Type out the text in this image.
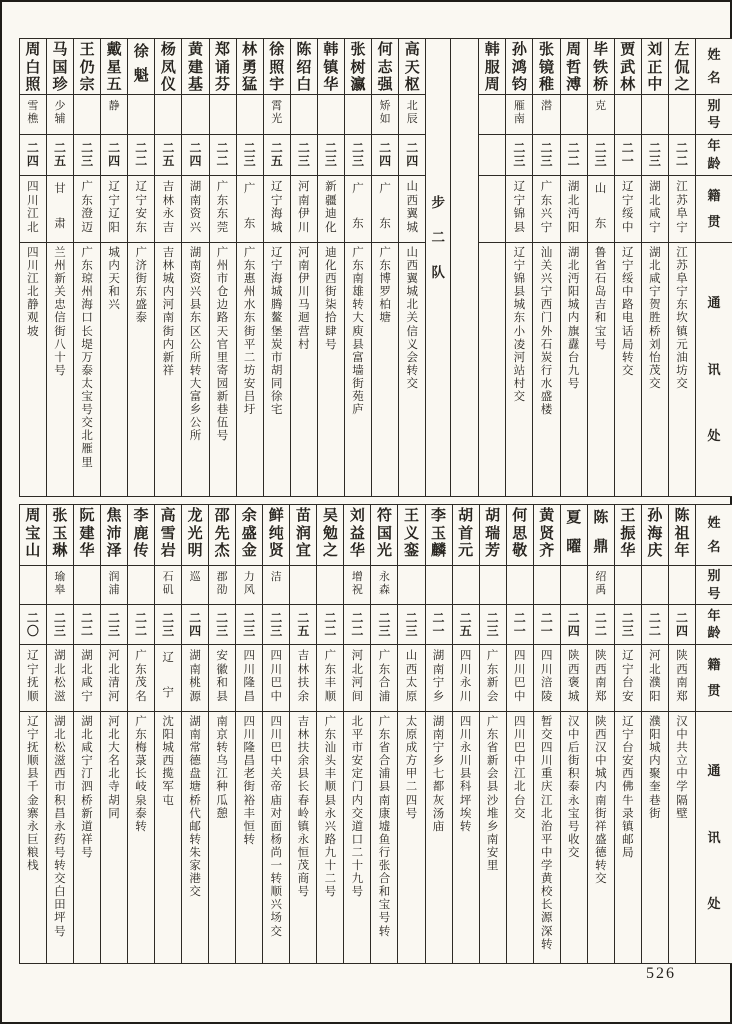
姓
名
别
号
年
龄
籍
贯
通
讯
处
左
侃
之
二
二
江
苏
阜
宁
江
苏
阜
宁
东
坎
镇
元
油
坊
交
刘
正
中
二
三
湖
北
咸
宁
湖
北
咸
宁
贺
胜
桥
刘
怡
茂
交
贾
武
林
二
一
辽
宁
绥
中
辽
宁
绥
中
路
电
话
局
转
交
毕
铁
桥
克
二
三
山
东
鲁
省
石
岛
吉
和
宝
号
周
哲
溥
二
二
湖
北
沔
阳
湖
北
沔
阳
城
内
旗
纛
台
九
号
张
镜
稚
潜
二
三
广
东
兴
宁
汕
关
兴
宁
西
门
外
石
炭
行
水
盛
楼
孙
鸿
钧
雁
南
二
三
辽
宁
锦
县
辽
宁
锦
县
城
东
小
凌
河
站
村
交
韩
服
周
步
二
队
高
天
枢
北
辰
二
四
山
西
翼
城
山
西
翼
城
北
关
信
义
会
转
交
何
志
强
矫
如
二
四
广
东
广
东
博
罗
柏
塘
张
树
瀛
二
三
广
东
广
东
南
雄
转
大
庾
县
富
墙
街
苑
庐
韩
镇
华
二
三
新
疆
迪
化
迪
化
西
街
柒
拾
肆
号
陈
绍
白
二
三
河
南
伊
川
河
南
伊
川
马
迴
营
村
徐
照
宇
霄
光
二
五
辽
宁
海
城
辽
宁
海
城
腾
鳌
堡
炭
市
胡
同
徐
宅
林
勇
猛
二
三
广
东
广
东
惠
州
水
东
街
平
二
坊
安
吕
圩
郑
诵
芬
二
二
广
东
东
莞
广
州
市
仓
边
路
天
官
里
寄
园
新
巷
伍
号
黄
建
基
二
四
湖
南
资
兴
湖
南
资
兴
县
东
区
公
所
转
大
富
乡
公
所
杨
凤
仪
二
五
吉
林
永
吉
吉
林
城
内
河
南
街
内
新
祥
徐
魁
二
二
辽
宁
安
东
广
济
街
东
盛
泰
戴
星
五
静
二
四
辽
宁
辽
阳
城
内
天
和
兴
王
仍
宗
二
三
广
东
澄
迈
广
东
琼
州
海
口
长
堤
万
泰
太
宝
号
交
北
雁
里
马
国
珍
少
辅
二
五
甘
肃
兰
州
新
关
忠
信
街
八
十
号
周
白
照
雪
樵
二
四
四
川
江
北
四
川
江
北
静
观
坡
姓
名
别
号
年
龄
籍
贯
通
讯
处
陈
祖
年
二
四
陕
西
南
郑
汉
中
共
立
中
学
隔
壁
孙
海
庆
二
二
河
北
濮
阳
濮
阳
城
内
聚
奎
巷
街
王
振
华
二
三
辽
宁
台
安
辽
宁
台
安
西
佛
牛
录
镇
邮
局
陈
鼎
绍
禹
二
二
陕
西
南
郑
陕
西
汉
中
城
内
南
街
祥
盛
德
转
交
夏
曜
二
四
陕
西
褒
城
汉
中
后
街
积
泰
永
宝
号
收
交
黄
贤
齐
二
一
四
川
涪
陵
暂
交
四
川
重
庆
江
北
治
平
中
学
黄
校
长
源
深
转
何
思
敬
二
一
四
川
巴
中
四
川
巴
中
江
北
台
交
胡
瑞
芳
二
三
广
东
新
会
广
东
省
新
会
县
沙
堆
乡
南
安
里
胡
首
元
二
五
四
川
永
川
四
川
永
川
县
科
坪
埃
转
李
玉
麟
二
一
湖
南
宁
乡
湖
南
宁
乡
七
都
灰
汤
庙
王
义
銮
二
三
山
西
太
原
太
原
成
方
甲
二
四
号
符
国
光
永
森
二
三
广
东
合
浦
广
东
省
合
浦
县
南
康
墟
鱼
行
张
合
和
宝
号
转
刘
益
华
增
祝
二
二
河
北
河
间
北
平
市
安
定
门
内
交
道
口
二
十
九
号
吴
勉
之
二
二
广
东
丰
顺
广
东
汕
头
丰
顺
县
永
兴
路
九
十
二
号
苗
润
宜
二
五
吉
林
扶
余
吉
林
扶
余
县
长
春
岭
镇
永
恒
茂
商
号
鲜
纯
贤
洁
二
三
四
川
巴
中
四
川
巴
中
关
帝
庙
对
面
杨
尚
一
转
顺
兴
场
交
余
盛
金
力
风
二
三
四
川
隆
昌
四
川
隆
昌
老
街
裕
丰
恒
转
邵
先
杰
郡
劭
二
三
安
徽
和
县
南
京
转
乌
江
种
瓜
憩
龙
光
明
巡
二
四
湖
南
桃
源
湖
南
常
德
盘
塘
桥
代
邮
转
朱
家
港
交
高
雪
岩
石
矶
二
三
辽
宁
沈
阳
城
西
揽
军
屯
李
鹿
传
二
二
广
东
茂
名
广
东
梅
菉
长
岐
泉
泰
转
焦
沛
泽
润
浦
二
三
河
北
清
河
河
北
大
名
北
寺
胡
同
阮
建
华
二
二
湖
北
咸
宁
湖
北
咸
宁
汀
泗
桥
新
道
祥
号
张
玉
琳
瑜
皋
二
三
湖
北
松
滋
湖
北
松
滋
西
市
积
昌
永
药
号
转
交
白
田
坪
号
周
宝
山
二
〇
辽
宁
抚
顺
辽
宁
抚
顺
县
千
金
寨
永
巨
粮
栈
526
